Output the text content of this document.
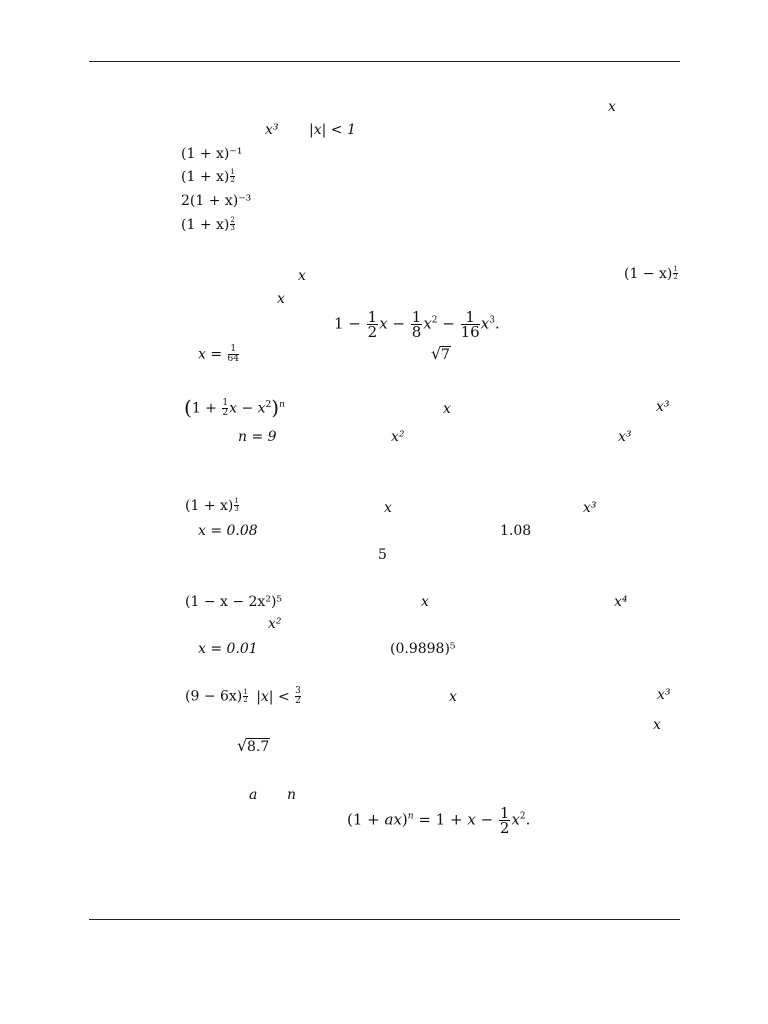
x
x³ |x| < 1
(1 + x)⁻¹
$(1 + x) \frac{1}{2}$
2(1 + x)⁻³
$(1 + x) \frac{2}{3}$
x	$(1 - x) \frac{1}{2}$
x
$1 - \frac{1}{2}$ $x - \frac{1}{8} x^2 - \frac{1}{16} x^3$.
$x = \frac{1}{64}$
√	7
($1 + \frac{1}{2}$ $x - x^2)^n$	x	x³
n = 9	x²	x³
$(1 + x) \frac{1}{3}$	x	x³
x = 0.08	1.08
5
(1 − x − 2x²)⁵	x	x⁴
x²
x = 0.01	(0.9898)⁵
$(9 - 6x) \frac{1}{2} |x| < \frac{3}{2}$	x	x³
x
√ 8.7
a n
$(1 + ax)^n = 1 + x - \frac{1}{2} x^2$.
